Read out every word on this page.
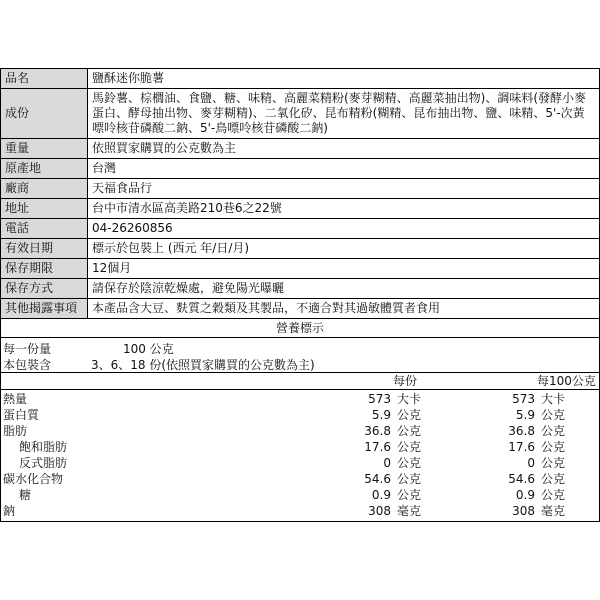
品名	鹽酥迷你脆薯
成份	馬鈴薯、棕櫚油、食鹽、糖、味精、高麗菜精粉(麥芽糊精、高麗菜抽出物)、調味料(發酵小麥蛋白、酵母抽出物、麥芽糊精)、二氧化矽、昆布精粉(糊精、昆布抽出物、鹽、味精、5'-次黃嘌呤核苷磷酸二鈉、5'-鳥嘌呤核苷磷酸二鈉)
重量	依照買家購買的公克數為主
原產地	台灣
廠商	天福食品行
地址	台中市清水區高美路210巷6之22號
電話	04-26260856
有效日期	標示於包裝上 (西元 年/日/月)
保存期限	12個月
保存方式	請保存於陰涼乾燥處，避免陽光曝曬
其他揭露事項	本產品含大豆、麩質之穀類及其製品，不適合對其過敏體質者食用
營養標示
每一份量	100 公克
本包裝含	3、6、18 份(依照買家購買的公克數為主)
每份	每100公克
熱量	573 大卡	573 大卡
蛋白質	5.9 公克	5.9 公克
脂肪	36.8 公克	36.8 公克
飽和脂肪	17.6 公克	17.6 公克
反式脂肪	0 公克	0 公克
碳水化合物	54.6 公克	54.6 公克
糖	0.9 公克	0.9 公克
鈉	308 毫克	308 毫克
